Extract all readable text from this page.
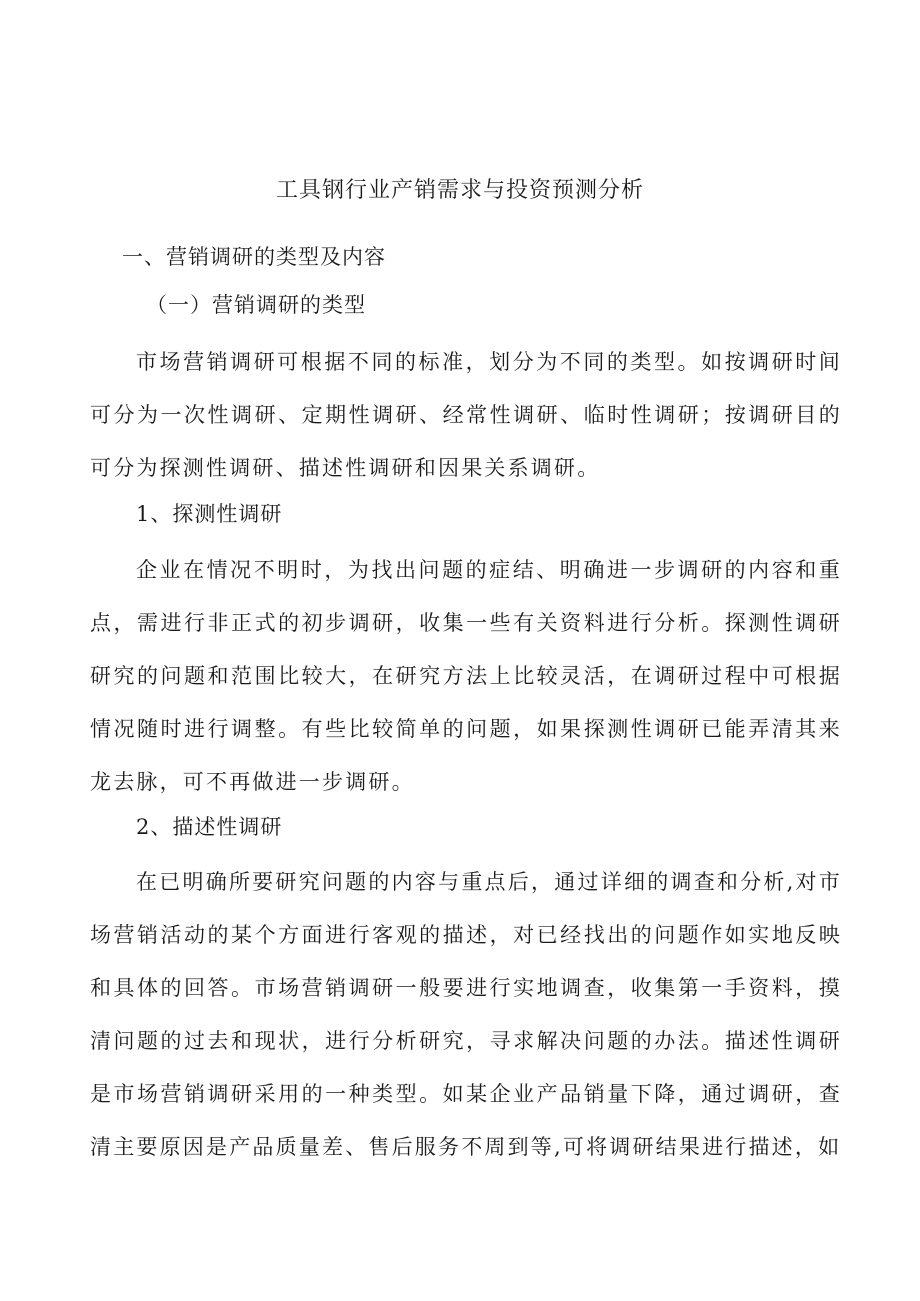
工具钢行业产销需求与投资预测分析
一、营销调研的类型及内容
（一）营销调研的类型

市场营销调研可根据不同的标准，划分为不同的类型。如按调研时间可分为一次性调研、定期性调研、经常性调研、临时性调研；按调研目的可分为探测性调研、描述性调研和因果关系调研。

1、探测性调研

企业在情况不明时，为找出问题的症结、明确进一步调研的内容和重点，需进行非正式的初步调研，收集一些有关资料进行分析。探测性调研研究的问题和范围比较大，在研究方法上比较灵活，在调研过程中可根据情况随时进行调整。有些比较简单的问题，如果探测性调研已能弄清其来龙去脉，可不再做进一步调研。

2、描述性调研

在已明确所要研究问题的内容与重点后，通过详细的调查和分析,对市场营销活动的某个方面进行客观的描述，对已经找出的问题作如实地反映和具体的回答。市场营销调研一般要进行实地调查，收集第一手资料，摸清问题的过去和现状，进行分析研究，寻求解决问题的办法。描述性调研是市场营销调研采用的一种类型。如某企业产品销量下降，通过调研，查清主要原因是产品质量差、售后服务不周到等,可将调研结果进行描述，如
